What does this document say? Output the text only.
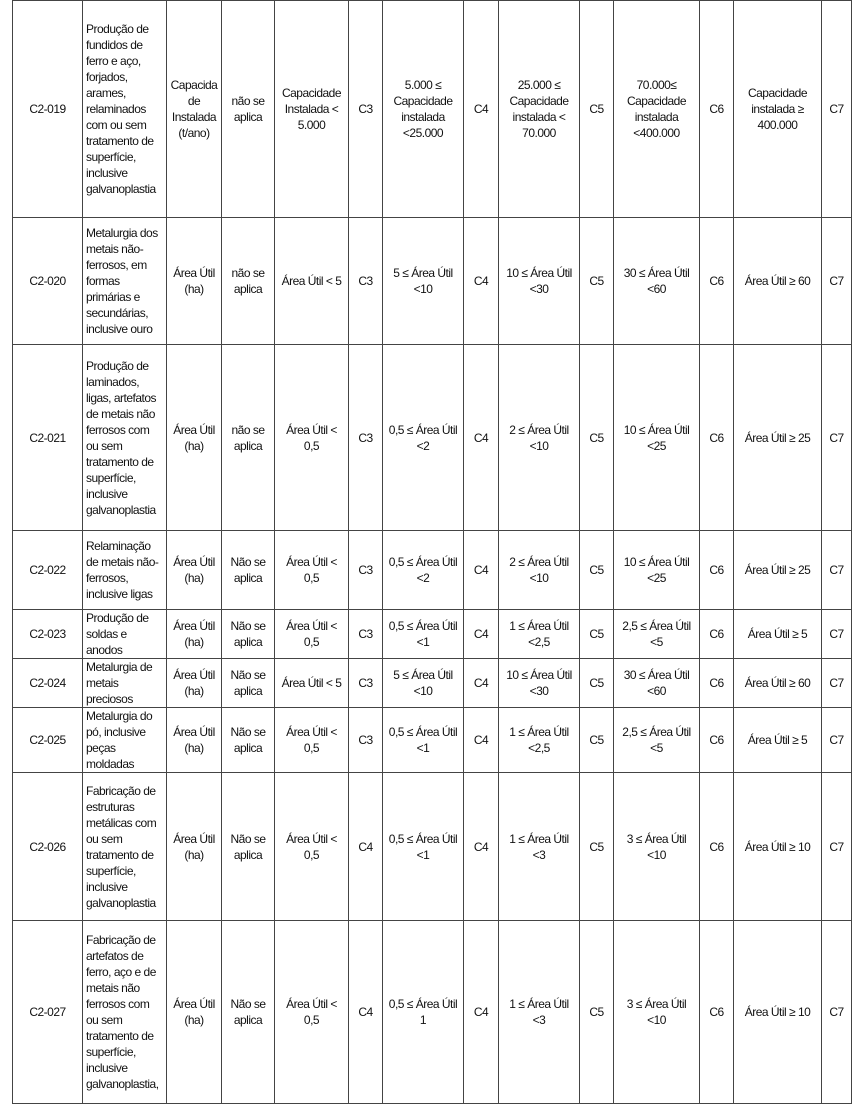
C2-019	Produção de fundidos de ferro e aço, forjados, arames, relaminados com ou sem tratamento de superfície, inclusive galvanoplastia	Capacidade Instalada (t/ano)	não se aplica	Capacidade Instalada < 5.000	C3	5.000 ≤ Capacidade instalada <25.000	C4	25.000 ≤ Capacidade instalada < 70.000	C5	70.000≤ Capacidade instalada <400.000	C6	Capacidade instalada ≥ 400.000	C7
C2-020	Metalurgia dos metais não-ferrosos, em formas primárias e secundárias, inclusive ouro	Área Útil (ha)	não se aplica	Área Útil < 5	C3	5 ≤ Área Útil <10	C4	10 ≤ Área Útil <30	C5	30 ≤ Área Útil <60	C6	Área Útil ≥ 60	C7
C2-021	Produção de laminados, ligas, artefatos de metais não ferrosos com ou sem tratamento de superfície, inclusive galvanoplastia	Área Útil (ha)	não se aplica	Área Útil < 0,5	C3	0,5 ≤ Área Útil <2	C4	2 ≤ Área Útil <10	C5	10 ≤ Área Útil <25	C6	Área Útil ≥ 25	C7
C2-022	Relaminação de metais não-ferrosos, inclusive ligas	Área Útil (ha)	Não se aplica	Área Útil < 0,5	C3	0,5 ≤ Área Útil <2	C4	2 ≤ Área Útil <10	C5	10 ≤ Área Útil <25	C6	Área Útil ≥ 25	C7
C2-023	Produção de soldas e anodos	Área Útil (ha)	Não se aplica	Área Útil < 0,5	C3	0,5 ≤ Área Útil <1	C4	1 ≤ Área Útil <2,5	C5	2,5 ≤ Área Útil <5	C6	Área Útil ≥ 5	C7
C2-024	Metalurgia de metais preciosos	Área Útil (ha)	Não se aplica	Área Útil < 5	C3	5 ≤ Área Útil <10	C4	10 ≤ Área Útil <30	C5	30 ≤ Área Útil <60	C6	Área Útil ≥ 60	C7
C2-025	Metalurgia do pó, inclusive peças moldadas	Área Útil (ha)	Não se aplica	Área Útil < 0,5	C3	0,5 ≤ Área Útil <1	C4	1 ≤ Área Útil <2,5	C5	2,5 ≤ Área Útil <5	C6	Área Útil ≥ 5	C7
C2-026	Fabricação de estruturas metálicas com ou sem tratamento de superfície, inclusive galvanoplastia	Área Útil (ha)	Não se aplica	Área Útil < 0,5	C4	0,5 ≤ Área Útil <1	C4	1 ≤ Área Útil <3	C5	3 ≤ Área Útil <10	C6	Área Útil ≥ 10	C7
C2-027	Fabricação de artefatos de ferro, aço e de metais não ferrosos com ou sem tratamento de superfície, inclusive galvanoplastia,	Área Útil (ha)	Não se aplica	Área Útil < 0,5	C4	0,5 ≤ Área Útil 1	C4	1 ≤ Área Útil <3	C5	3 ≤ Área Útil <10	C6	Área Útil ≥ 10	C7
